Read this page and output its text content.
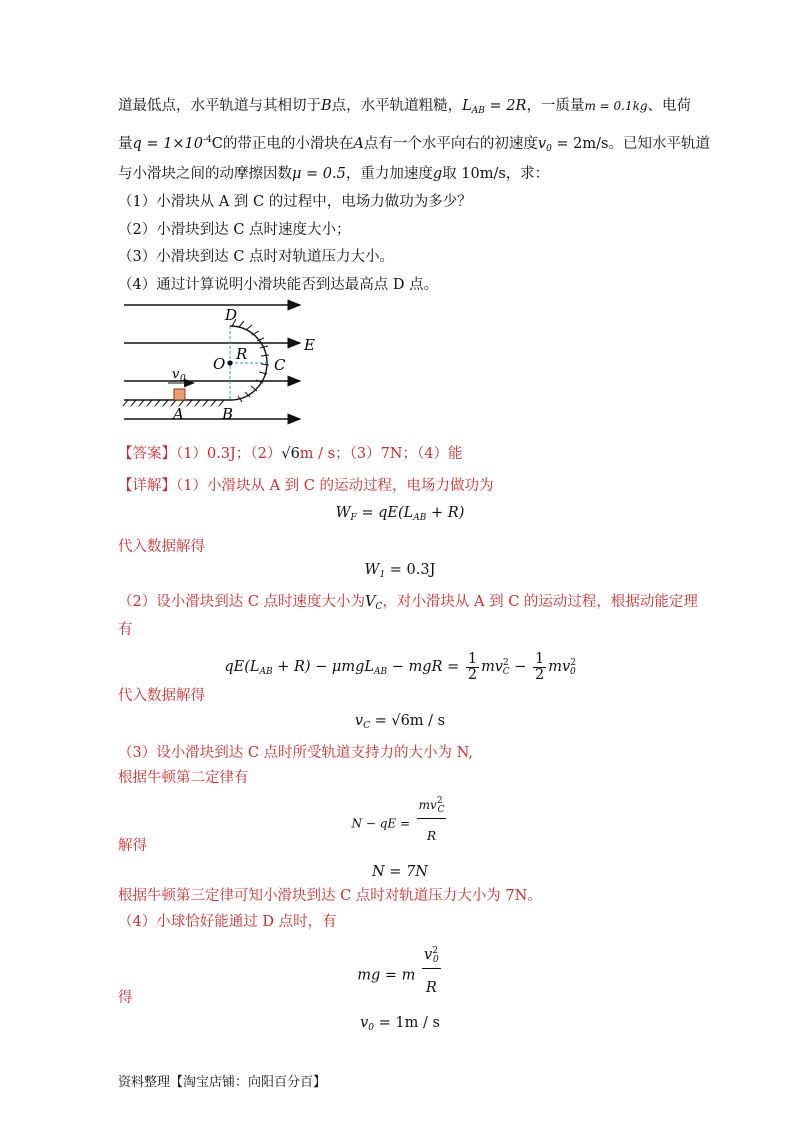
道最低点，水平轨道与其相切于B点，水平轨道粗糙，$L_{AB} = 2R$，一质量m = 0.1kg、电荷
量$q = 1\times 10^{-4}C$的带正电的小滑块在A点有一个水平向右的初速度$v_0 = 2m/s$。已知水平轨道
与小滑块之间的动摩擦因数μ = 0.5，重力加速度g取 10m/s，求：
（1）小滑块从 A 到 C 的过程中，电场力做功为多少？
（2）小滑块到达 C 点时速度大小；
（3）小滑块到达 C 点时对轨道压力大小。
（4）通过计算说明小滑块能否到达最高点 D 点。
D
E
O
R
C
v 0
A	B
【答案】（1）0.3J；（2）√6m / s；（3）7N；（4）能
【详解】（1）小滑块从 A 到 C 的运动过程，电场力做功为
$W_F = qE(L_{AB} + R)$
代入数据解得
$W_1 = 0.3J$
（2）设小滑块到达 C 点时速度大小为$V_C$，对小滑块从 A 到 C 的运动过程，根据动能定理
有
$qE(L_{AB} + R) - \mu mgL_{AB}$ − mgR = $\frac{1}{2} mv^2_C - \frac{1}{2} mv^2_0$
代入数据解得
$v_C = √6m / s$
（3）设小滑块到达 C 点时所受轨道支持力的大小为 N,
根据牛顿第二定律有
N − qE = $\frac{mv^2_C}{R}$
解得
N = 7N
根据牛顿第三定律可知小滑块到达 C 点时对轨道压力大小为 7N。
（4）小球恰好能通过 D 点时，有
mg = m $\frac{v^2_0}{R}$
得
$v_0 = 1m / s$
资料整理【淘宝店铺：向阳百分百】
